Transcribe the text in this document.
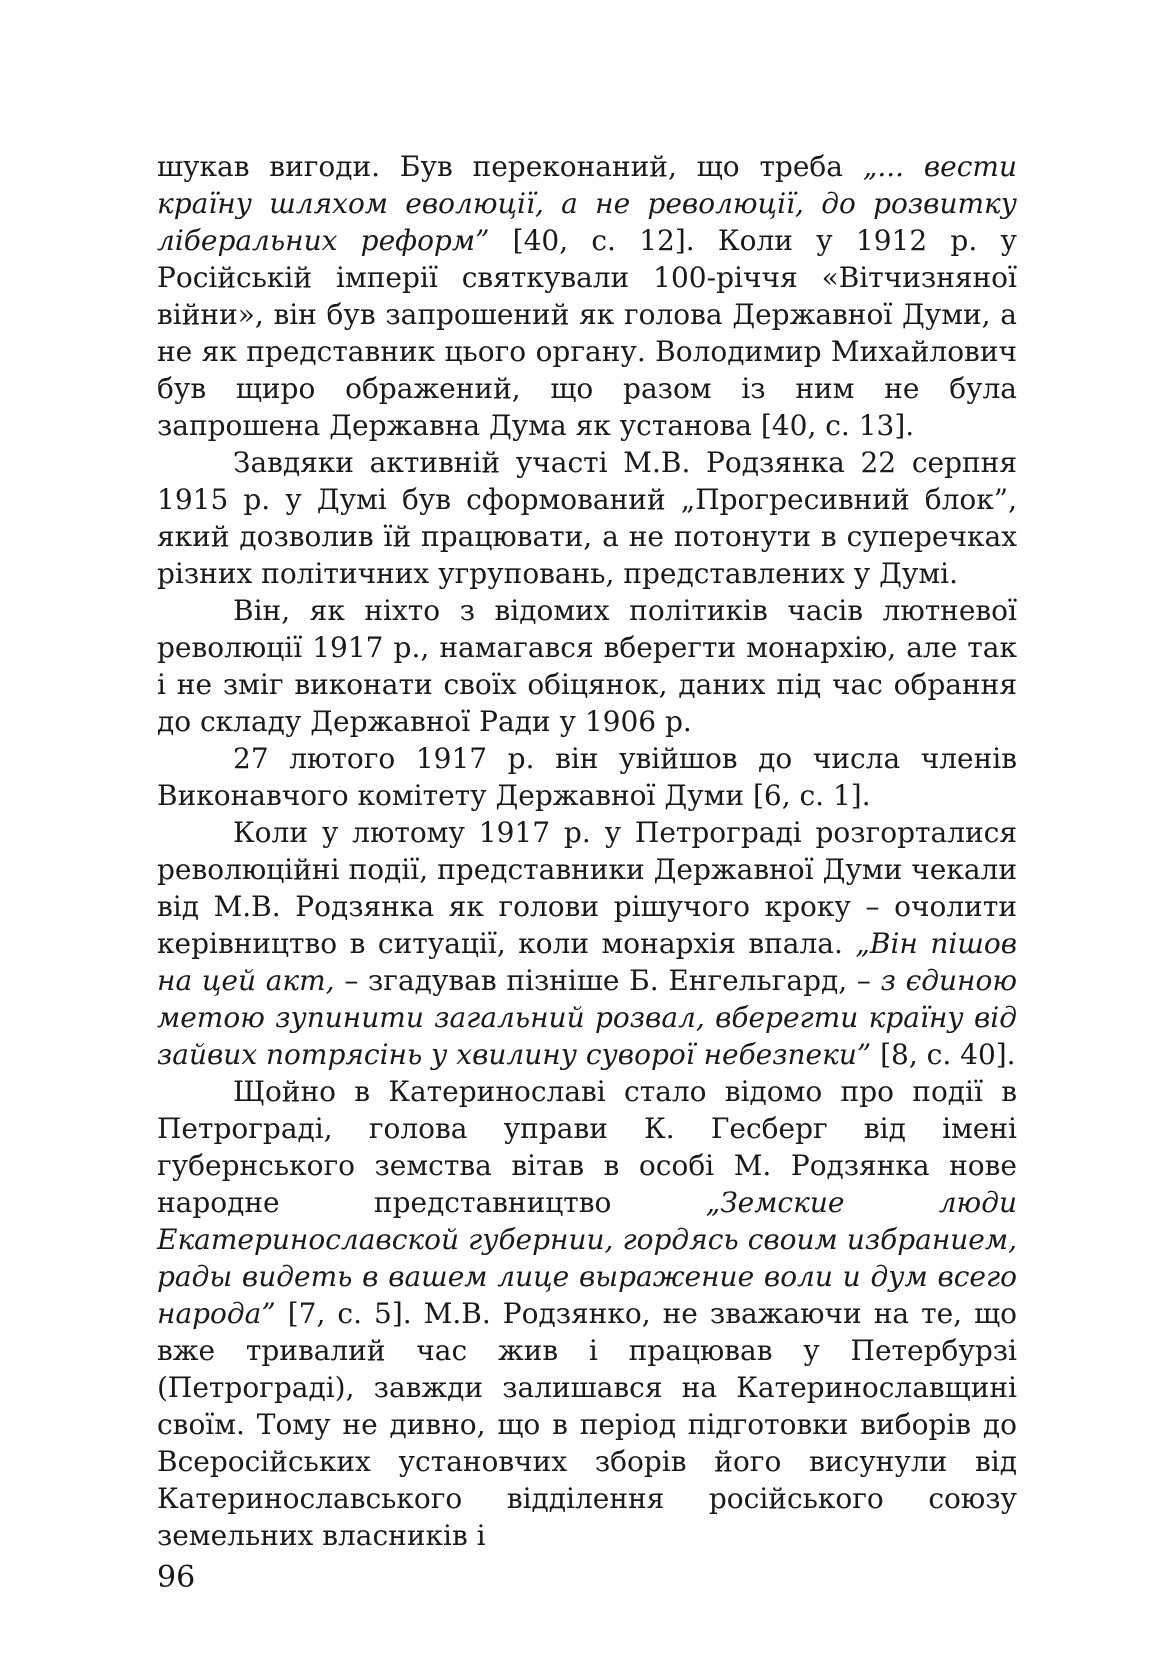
шукав вигоди. Був переконаний, що треба „... вести країну шляхом еволюції, а не революції, до розвитку ліберальних реформ” [40, с. 12]. Коли у 1912 р. у Російській імперії святкували 100-річчя «Вітчизняної війни», він був запрошений як голова Державної Думи, а не як представник цього органу. Володимир Михайлович був щиро ображений, що разом із ним не була запрошена Державна Дума як установа [40, с. 13].

Завдяки активній участі М.В. Родзянка 22 серпня 1915 р. у Думі був сформований „Прогресивний блок”, який дозволив їй працювати, а не потонути в суперечках різних політичних угруповань, представлених у Думі.

Він, як ніхто з відомих політиків часів лютневої революції 1917 р., намагався вберегти монархію, але так і не зміг виконати своїх обіцянок, даних під час обрання до складу Державної Ради у 1906 р.

27 лютого 1917 р. він увійшов до числа членів Виконавчого комітету Державної Думи [6, с. 1].

Коли у лютому 1917 р. у Петрограді розгорталися революційні події, представники Державної Думи чекали від М.В. Родзянка як голови рішучого кроку – очолити керівництво в ситуації, коли монархія впала. „Він пішов на цей акт, – згадував пізніше Б. Енгельгард, – з єдиною метою зупинити загальний розвал, вберегти країну від зайвих потрясінь у хвилину суворої небезпеки” [8, с. 40].

Щойно в Катеринославі стало відомо про події в Петрограді, голова управи К. Гесберг від імені губернського земства вітав в особі М. Родзянка нове народне представництво „Земские люди Екатеринославской губернии, гордясь своим избранием, рады видеть в вашем лице выражение воли и дум всего народа” [7, с. 5]. М.В. Родзянко, не зважаючи на те, що вже тривалий час жив і працював у Петербурзі (Петрограді), завжди залишався на Катеринославщині своїм. Тому не дивно, що в період підготовки виборів до Всеросійських установчих зборів його висунули від Катеринославського відділення російського союзу земельних власників і

96
